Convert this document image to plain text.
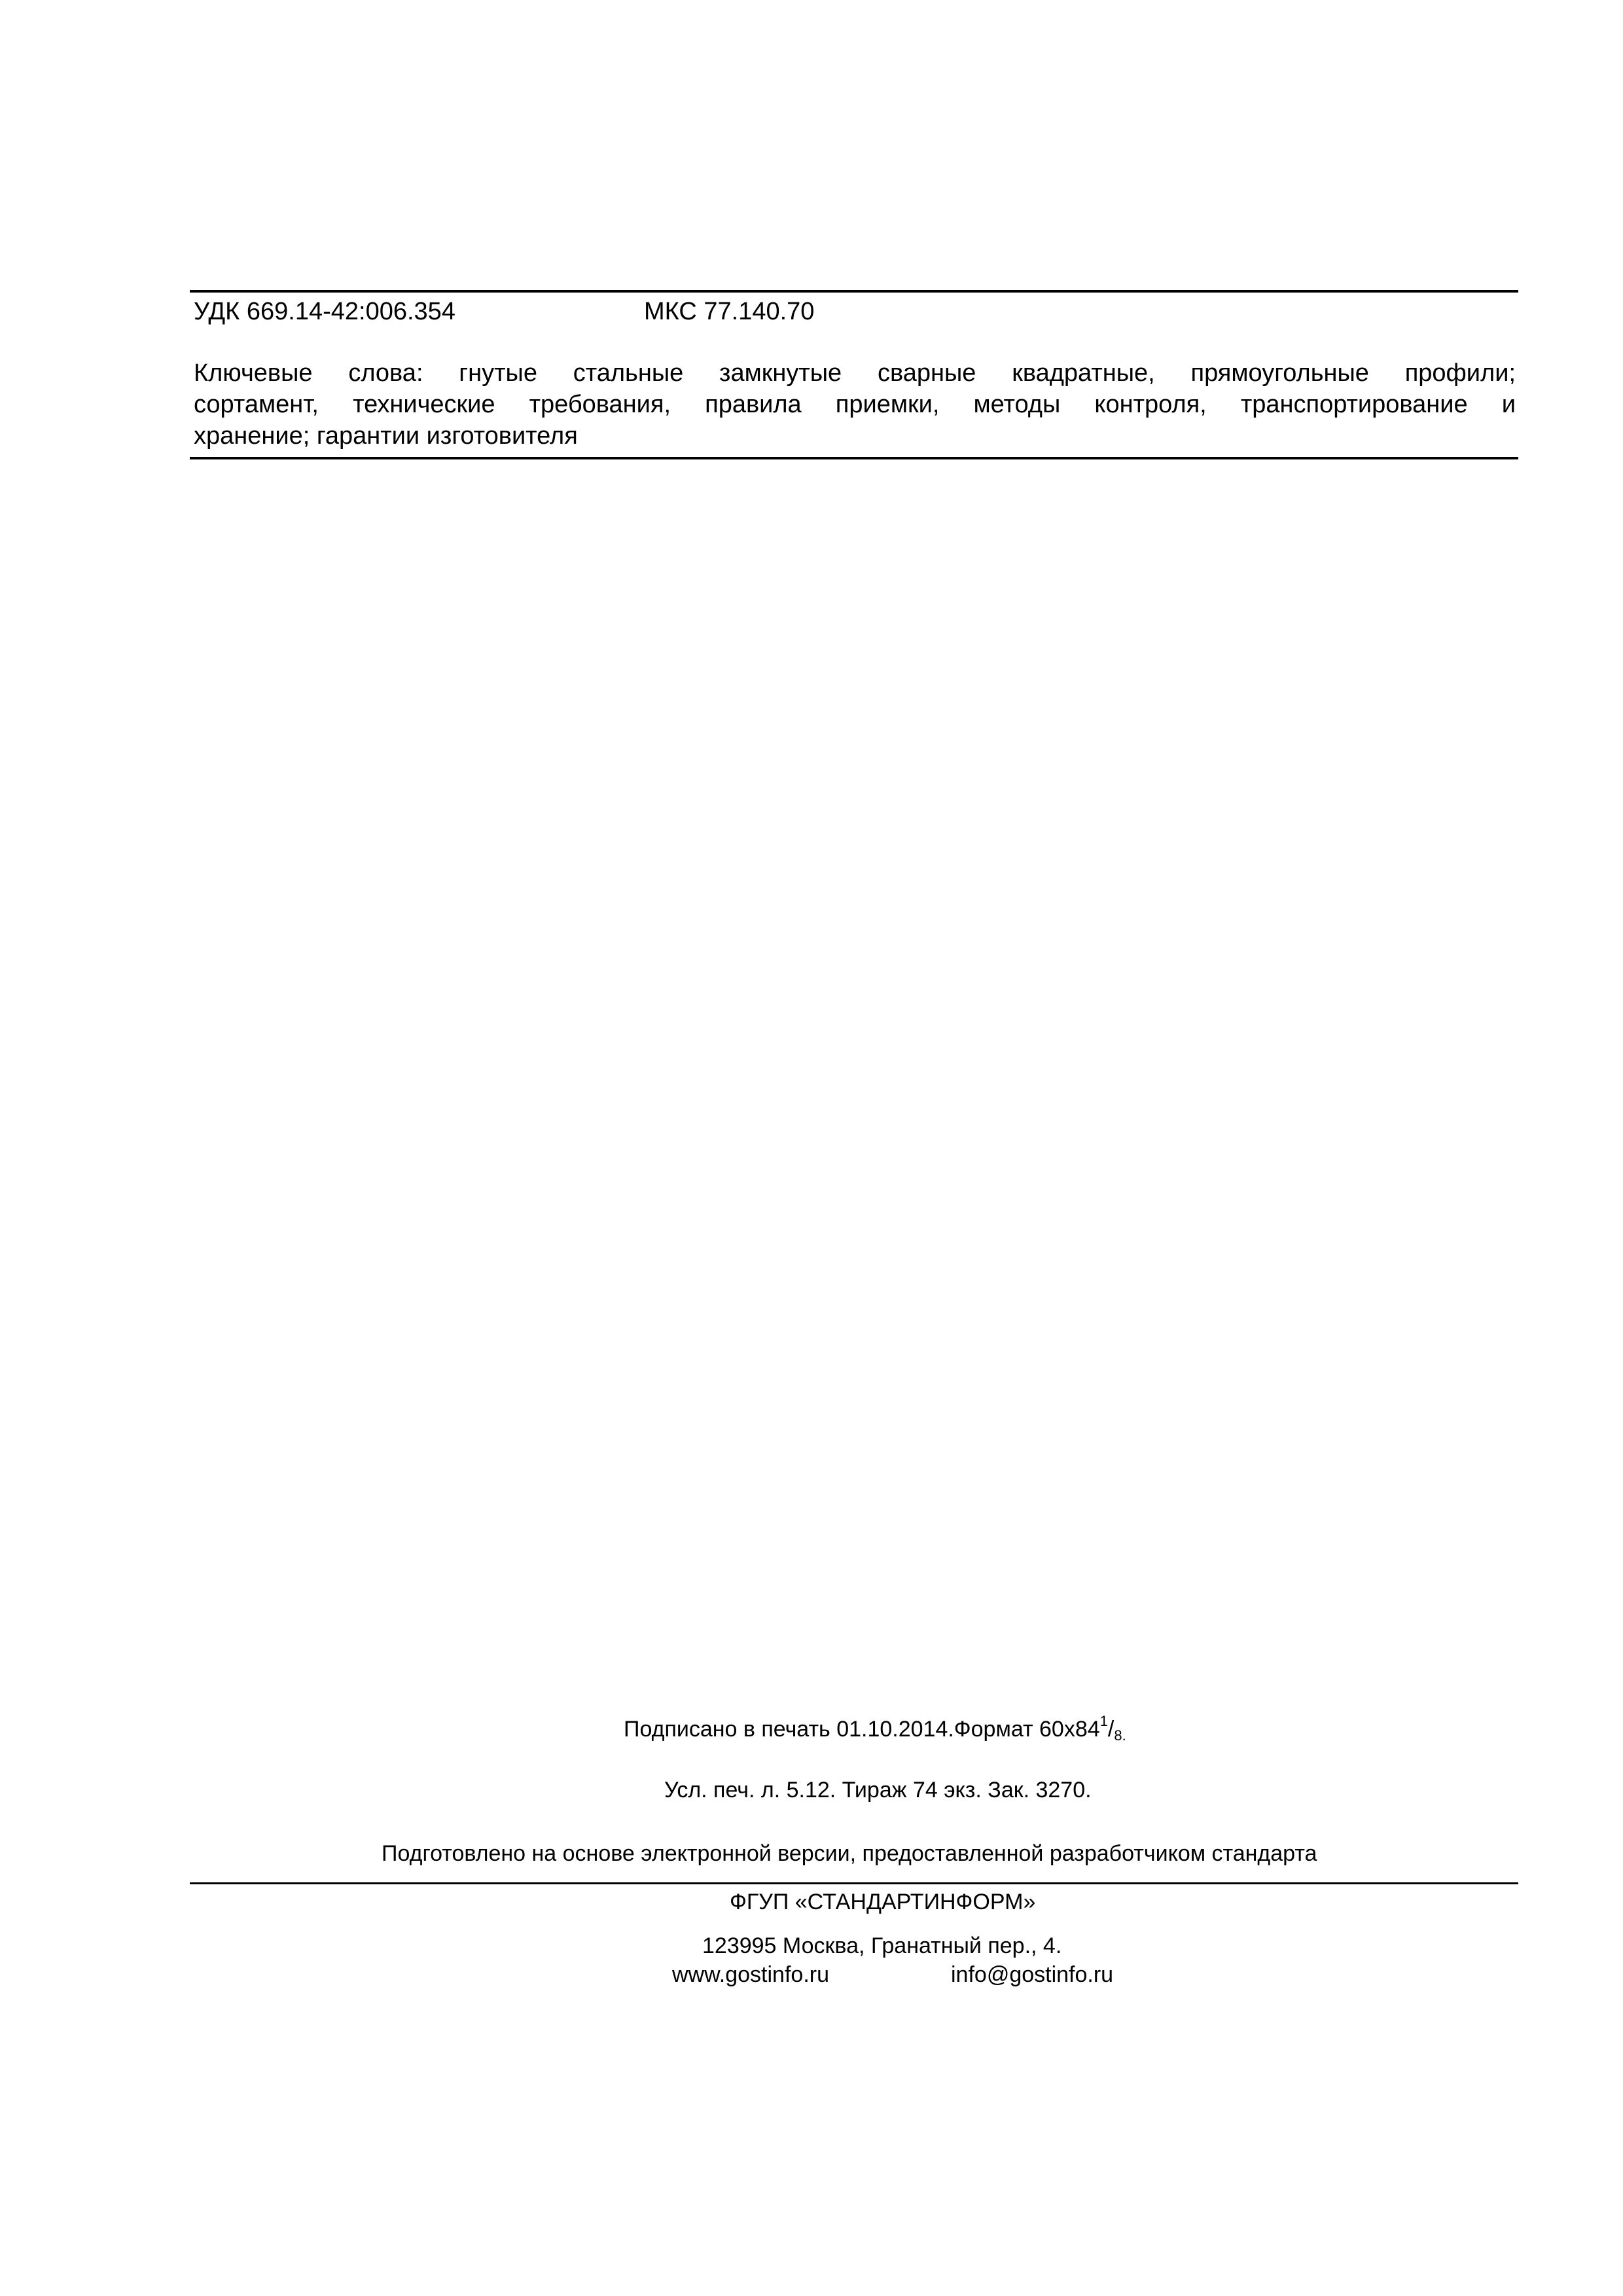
УДК 669.14-42:006.354	МКС 77.140.70
Ключевые слова: гнутые стальные замкнутые сварные квадратные, прямоугольные профили;
сортамент, технические требования, правила приемки, методы контроля, транспортирование и
хранение; гарантии изготовителя
Подписано в печать 01.10.2014.Формат $60х84^1/_{8.}$
Усл. печ. л. 5.12. Тираж 74 экз. Зак. 3270.
Подготовлено на основе электронной версии, предоставленной разработчиком стандарта
ФГУП «СТАНДАРТИНФОРМ»
123995 Москва, Гранатный пер., 4.
www.gostinfo.ru	info@gostinfo.ru
